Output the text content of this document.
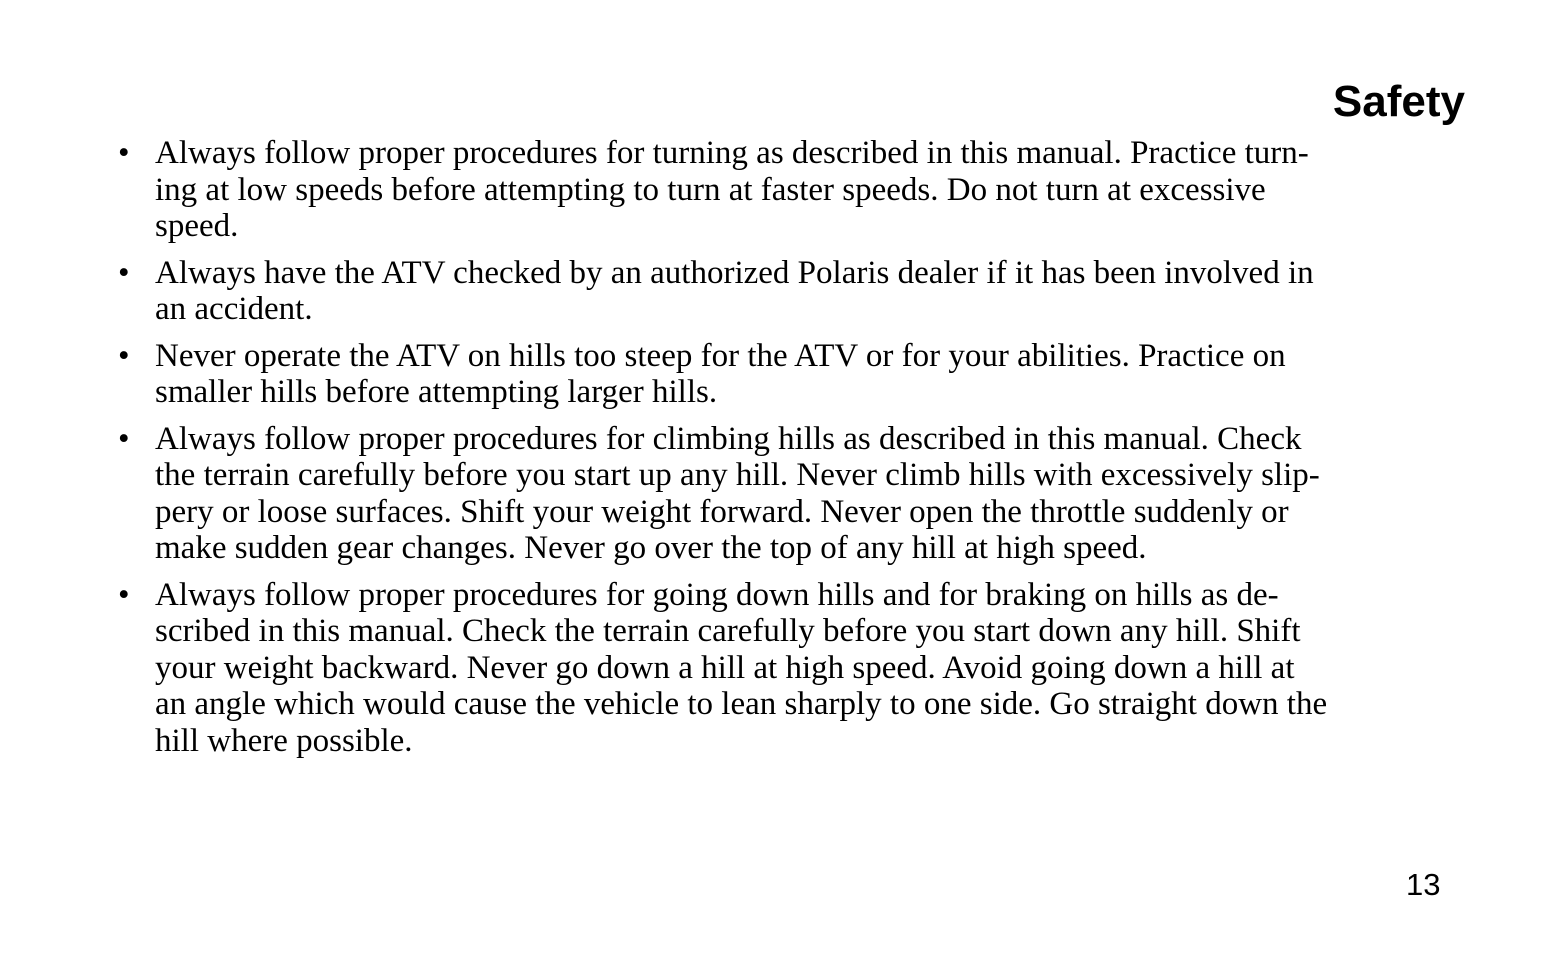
Safety
• Always follow proper procedures for turning as described in this manual. Practice turn-
ing at low speeds before attempting to turn at faster speeds. Do not turn at excessive
speed.
• Always have the ATV checked by an authorized Polaris dealer if it has been involved in
an accident.
• Never operate the ATV on hills too steep for the ATV or for your abilities. Practice on
smaller hills before attempting larger hills.
• Always follow proper procedures for climbing hills as described in this manual. Check
the terrain carefully before you start up any hill. Never climb hills with excessively slip-
pery or loose surfaces. Shift your weight forward. Never open the throttle suddenly or
make sudden gear changes. Never go over the top of any hill at high speed.
• Always follow proper procedures for going down hills and for braking on hills as de-
scribed in this manual. Check the terrain carefully before you start down any hill. Shift
your weight backward. Never go down a hill at high speed. Avoid going down a hill at
an angle which would cause the vehicle to lean sharply to one side. Go straight down the
hill where possible.
13
